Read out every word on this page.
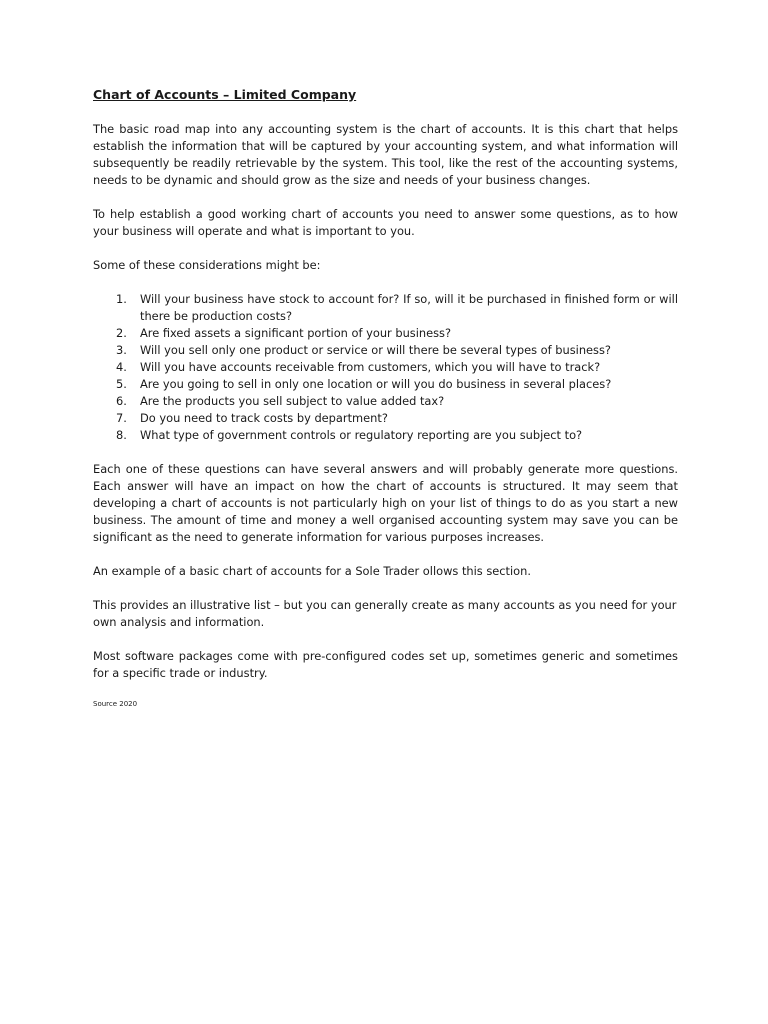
Chart of Accounts – Limited Company

The basic road map into any accounting system is the chart of accounts. It is this chart that helps establish the information that will be captured by your accounting system, and what information will subsequently be readily retrievable by the system. This tool, like the rest of the accounting systems, needs to be dynamic and should grow as the size and needs of your business changes.

To help establish a good working chart of accounts you need to answer some questions, as to how your business will operate and what is important to you.

Some of these considerations might be:

1. Will your business have stock to account for? If so, will it be purchased in finished form or will there be production costs?
2. Are fixed assets a significant portion of your business?
3. Will you sell only one product or service or will there be several types of business?
4. Will you have accounts receivable from customers, which you will have to track?
5. Are you going to sell in only one location or will you do business in several places?
6. Are the products you sell subject to value added tax?
7. Do you need to track costs by department?
8. What type of government controls or regulatory reporting are you subject to?

Each one of these questions can have several answers and will probably generate more questions. Each answer will have an impact on how the chart of accounts is structured. It may seem that developing a chart of accounts is not particularly high on your list of things to do as you start a new business. The amount of time and money a well organised accounting system may save you can be significant as the need to generate information for various purposes increases.

An example of a basic chart of accounts for a Sole Trader ollows this section.

This provides an illustrative list – but you can generally create as many accounts as you need for your own analysis and information.

Most software packages come with pre-configured codes set up, sometimes generic and sometimes for a specific trade or industry.

Source 2020
